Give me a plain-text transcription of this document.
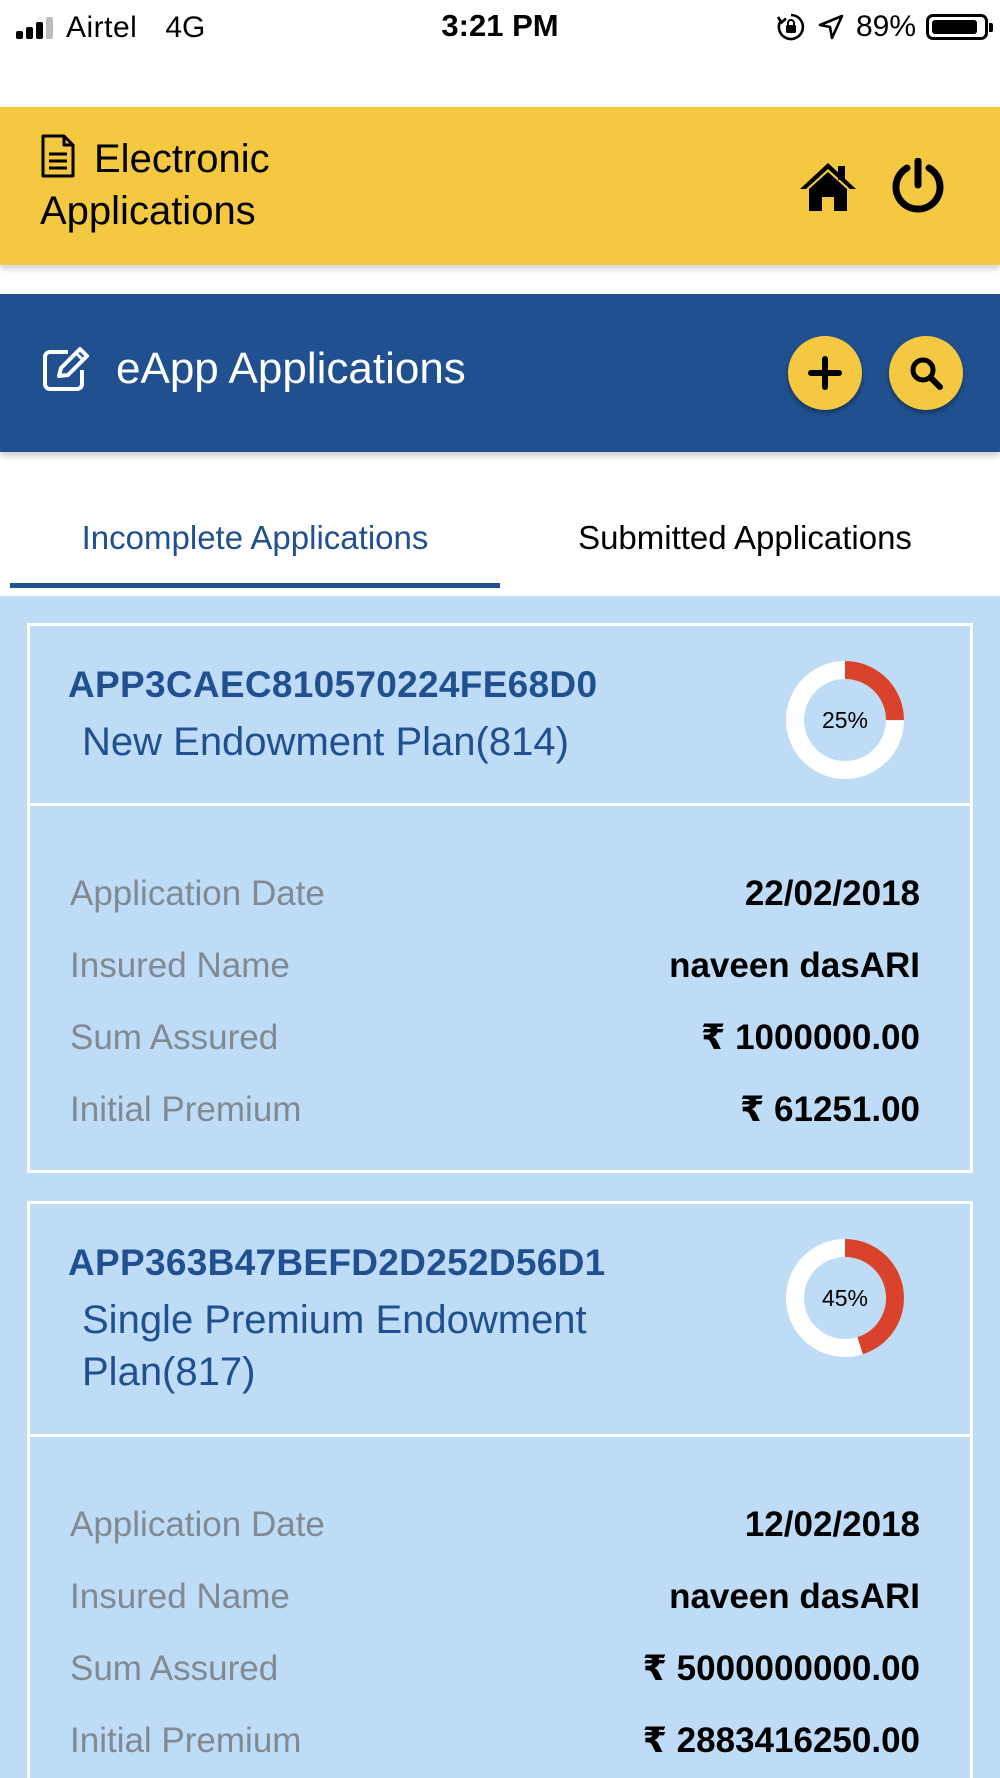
Airtel 4G	3:21 PM	89%
Electronic
Applications
eApp Applications
Incomplete Applications	Submitted Applications
APP3CAEC810570224FE68D0
New Endowment Plan(814)

25%
Application Date	22/02/2018
Insured Name	naveen dasARI
Sum Assured	₹ 1000000.00
Initial Premium	₹ 61251.00
APP363B47BEFD2D252D56D1
Single Premium Endowment
Plan(817)
45%
Application Date	12/02/2018
Insured Name	naveen dasARI
Sum Assured	₹ 5000000000.00
Initial Premium	₹ 2883416250.00
